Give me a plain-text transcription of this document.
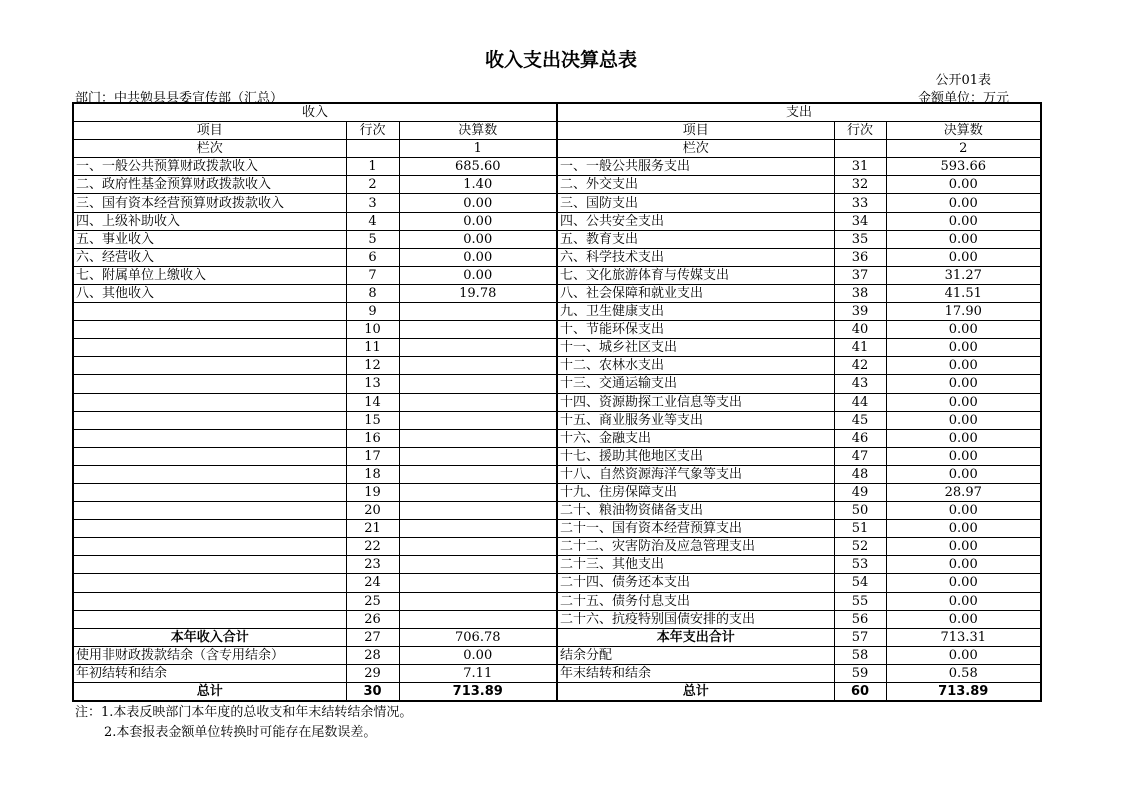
收入支出决算总表
公开01表
部门：中共勉县县委宣传部（汇总）	金额单位：万元
收入			支出		
项目	行次	决算数	项目	行次	决算数
栏次		1	栏次		2
一、一般公共预算财政拨款收入	1	685.60	一、一般公共服务支出	31	593.66
二、政府性基金预算财政拨款收入	2	1.40	二、外交支出	32	0.00
三、国有资本经营预算财政拨款收入	3	0.00	三、国防支出	33	0.00
四、上级补助收入	4	0.00	四、公共安全支出	34	0.00
五、事业收入	5	0.00	五、教育支出	35	0.00
六、经营收入	6	0.00	六、科学技术支出	36	0.00
七、附属单位上缴收入	7	0.00	七、文化旅游体育与传媒支出	37	31.27
八、其他收入	8	19.78	八、社会保障和就业支出	38	41.51
	9		九、卫生健康支出	39	17.90
	10		十、节能环保支出	40	0.00
	11		十一、城乡社区支出	41	0.00
	12		十二、农林水支出	42	0.00
	13		十三、交通运输支出	43	0.00
	14		十四、资源勘探工业信息等支出	44	0.00
	15		十五、商业服务业等支出	45	0.00
	16		十六、金融支出	46	0.00
	17		十七、援助其他地区支出	47	0.00
	18		十八、自然资源海洋气象等支出	48	0.00
	19		十九、住房保障支出	49	28.97
	20		二十、粮油物资储备支出	50	0.00
	21		二十一、国有资本经营预算支出	51	0.00
	22		二十二、灾害防治及应急管理支出	52	0.00
	23		二十三、其他支出	53	0.00
	24		二十四、债务还本支出	54	0.00
	25		二十五、债务付息支出	55	0.00
	26		二十六、抗疫特别国债安排的支出	56	0.00
本年收入合计	27	706.78	本年支出合计	57	713.31
使用非财政拨款结余（含专用结余）	28	0.00	结余分配	58	0.00
年初结转和结余	29	7.11	年末结转和结余	59	0.58
总计	30	713.89	总计	60	713.89
注：1.本表反映部门本年度的总收支和年末结转结余情况。
2.本套报表金额单位转换时可能存在尾数误差。
